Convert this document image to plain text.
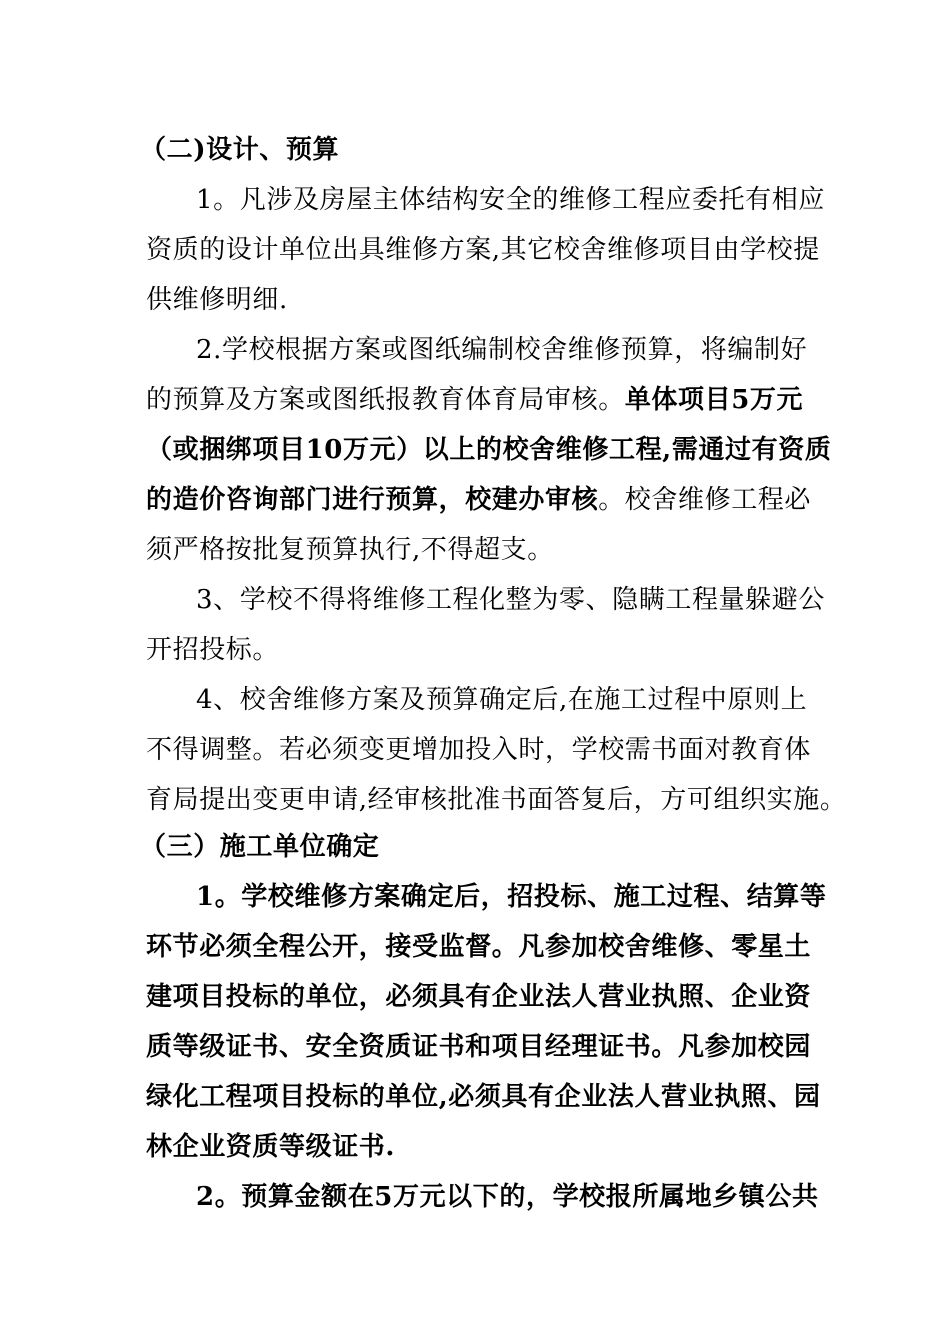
（二)设计、预算
1。凡涉及房屋主体结构安全的维修工程应委托有相应
资质的设计单位出具维修方案,其它校舍维修项目由学校提
供维修明细.
2.学校根据方案或图纸编制校舍维修预算，将编制好
的预算及方案或图纸报教育体育局审核。单体项目5万元
（或捆绑项目10万元）以上的校舍维修工程,需通过有资质
的造价咨询部门进行预算，校建办审核。校舍维修工程必
须严格按批复预算执行,不得超支。
3、学校不得将维修工程化整为零、隐瞒工程量躲避公
开招投标。
4、校舍维修方案及预算确定后,在施工过程中原则上
不得调整。若必须变更增加投入时，学校需书面对教育体
育局提出变更申请,经审核批准书面答复后，方可组织实施。
（三）施工单位确定
1。学校维修方案确定后，招投标、施工过程、结算等
环节必须全程公开，接受监督。凡参加校舍维修、零星土
建项目投标的单位，必须具有企业法人营业执照、企业资
质等级证书、安全资质证书和项目经理证书。凡参加校园
绿化工程项目投标的单位,必须具有企业法人营业执照、园
林企业资质等级证书.
2。预算金额在5万元以下的，学校报所属地乡镇公共
